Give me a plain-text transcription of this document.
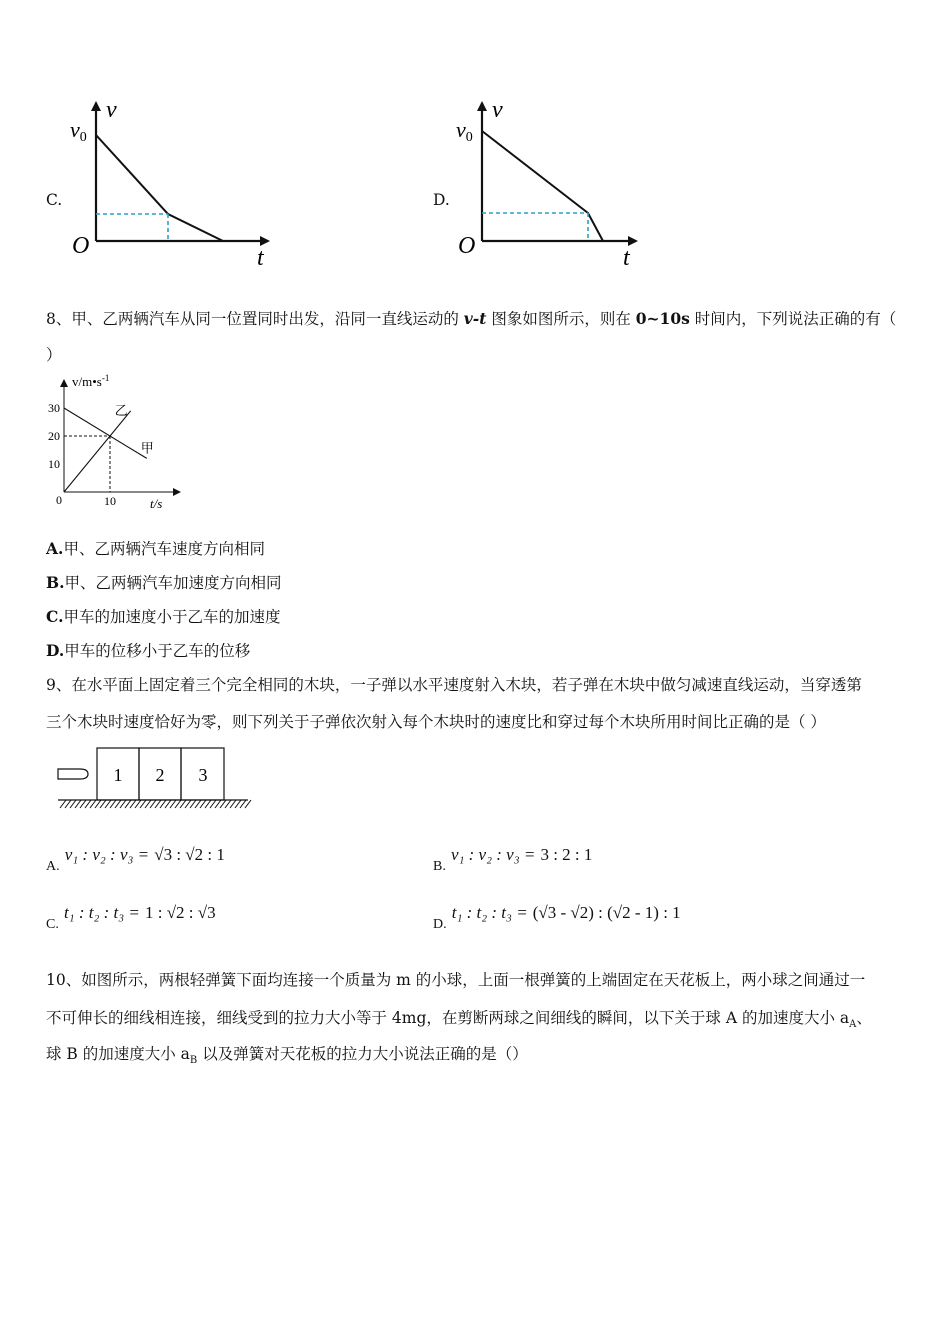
C.
v
v0
O	t
D.
v
v0
O	t
8、甲、乙两辆汽车从同一位置同时出发，沿同一直线运动的 v-t 图象如图所示，则在 0~10s 时间内，下列说法正确的有（
）
甲
乙
30
20
10
10
0
$v/m•s^{-1}$
t/s
A.甲、乙两辆汽车速度方向相同
B.甲、乙两辆汽车加速度方向相同
C.甲车的加速度小于乙车的加速度
D.甲车的位移小于乙车的位移
9、在水平面上固定着三个完全相同的木块，一子弹以水平速度射入木块，若子弹在木块中做匀减速直线运动，当穿透第
三个木块时速度恰好为零，则下列关于子弹依次射入每个木块时的速度比和穿过每个木块所用时间比正确的是（ ）
1 2 3
A. v₁ : v₂ : v₃ = √3 : √2 : 1
B. v₁ : v₂ : v₃ = 3 : 2 : 1
C. t₁ : t₂ : t₃ = 1 : √2 : √3
D. t₁ : t₂ : t₃ = (√3 - √2) : (√2 - 1) : 1
10、如图所示，两根轻弹簧下面均连接一个质量为 m 的小球，上面一根弹簧的上端固定在天花板上，两小球之间通过一
不可伸长的细线相连接，细线受到的拉力大小等于 4mg，在剪断两球之间细线的瞬间，以下关于球 A 的加速度大小 $a_A$、
球 B 的加速度大小 $a_B$ 以及弹簧对天花板的拉力大小说法正确的是（）
